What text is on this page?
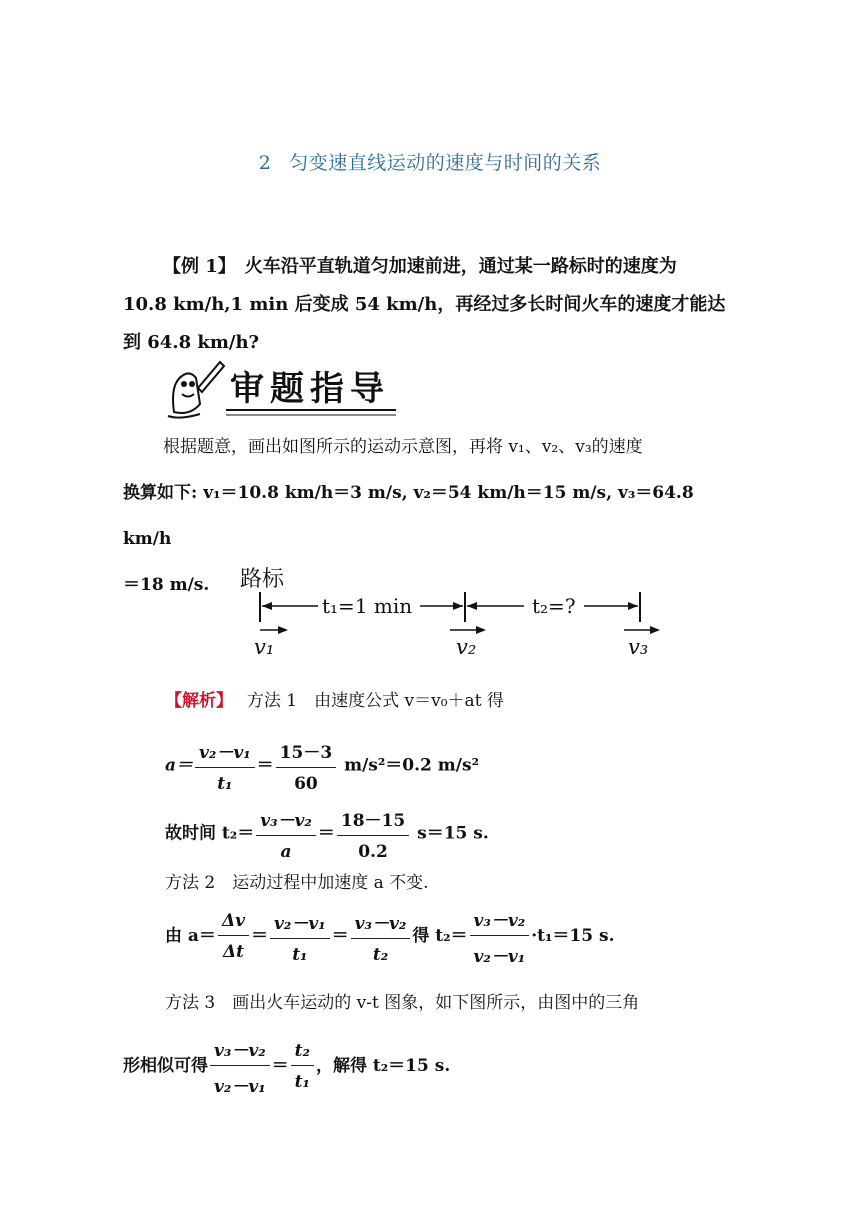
2 匀变速直线运动的速度与时间的关系
【例 1】　 火车沿平直轨道匀加速前进，通过某一路标时的速度为
10.8 km/h,1 min 后变成 54 km/h，再经过多长时间火车的速度才能达
到 64.8 km/h?
审题指导
根据题意，画出如图所示的运动示意图，再将 v₁、v₂、v₃的速度
换算如下: v₁＝10.8 km/h＝3 m/s, v₂＝54 km/h＝15 m/s, v₃＝64.8 km/h
＝18 m/s.	路标
t₁=1 min	t₂=?
v₁	v₂	v₃
【解析】　 方法 1　由速度公式 v＝v₀＋at 得
$a= \frac{\text{v₂－v₁}}{\text{t₁}} = \frac{15-3}{60} m/s^2=0.2$ m/s²
故时间 $t_2= \frac{\text{v₃－v₂}}{a} = \frac{18-15}{0.2} s=15$ s.
方法 2　运动过程中加速度 a 不变.
由 $a= \frac{\Delta v}{\Delta t} = \frac{\text{v₂－v₁}}{\text{t₁}} = \frac{\text{v₃－v₂}}{\text{t₂}}$ 得 $t_2= \frac{\text{v₃－v₂}}{\text{v₂－v₁}} \cdot t_1=15$ s.
方法 3　画出火车运动的 v-t 图象，如下图所示，由图中的三角
形相似可得 $\frac{\text{v₃－v₂}}{\text{v₂－v₁}} = \frac{\text{t₂}}{\text{t₁}}$ ，解得 t₂＝15 s.
